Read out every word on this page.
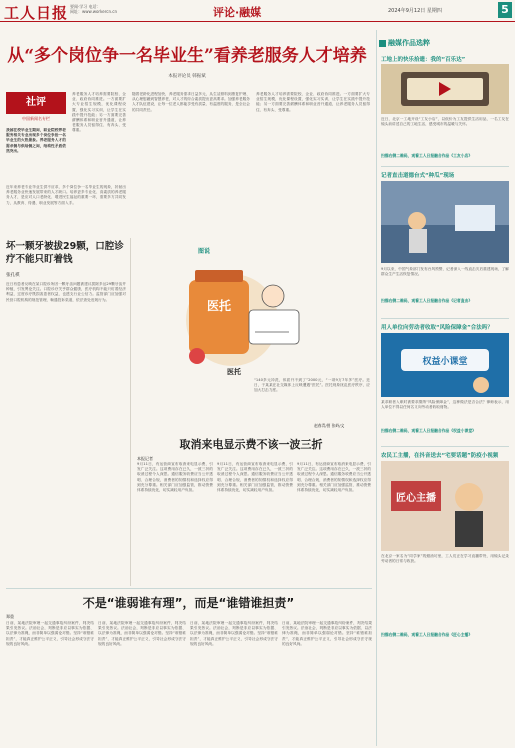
工人日报 要闻·学习 电话：
网址：www.workercn.cn	评论·融媒	2024年9月12日 星期四	5
从“多个岗位争一名毕业生”看养老服务人才培养
本报评论员 韩振斌
社评
中国新闻名专栏
我国在校毕业生期间，职业院校养老服务相关专业出现多个岗位争抢一名毕业生的火热景象。养老服务人才的需求侧与供给侧之间，结构性矛盾依然突出。
近年来养老专业毕业生供不应求，多个岗位争一名毕业生的现象，折射出养老服务业快速发展带来的人才缺口。培养更多专业化、高素质的养老服务人才，是应对人口老龄化、增进民生福祉的重要一环，需要多方共同发力，从教育、待遇、职业发展等方面入手。
养老服务人才培养需要院校、企业、政府协同推进。一方面要扩大专业招生规模，优化课程设置，强化实习实训，让学生在实践中提升技能；另一方面要完善薪酬体系和职业晋升通道，让养老服务人员留得住、有奔头、受尊重。
随着老龄化进程加快，养老服务需求日益多元，从生活照料到康复护理、从心理慰藉到智慧养老，对人才的综合素质提出更高要求。加强养老服务人才队伍建设，让每一位老人都能享受有质量、有温度的服务，是全社会的共同责任。
养老服务人才培养需要院校、企业、政府协同推进。一方面要扩大专业招生规模，优化课程设置，强化实习实训，让学生在实践中提升技能；另一方面要完善薪酬体系和职业晋升通道，让养老服务人员留得住、有奔头、受尊重。
坏一颗牙被拔29颗，口腔诊疗不能只盯着钱
张孔祺
近日有患者反映在某口腔诊所因一颗牙齿问题被建议拔除多达29颗牙齿并种植，引发舆论关注。口腔诊疗关乎群众健康，医疗机构不能只盯着经济利益，过度诊疗既损害患者权益，也透支行业公信力。监管部门应加强对民营口腔机构的规范管理，畅通投诉渠道，依法查处违规行为。
图说
医托
医托
“140多元冲洗，体质升不到了”2000元，“一项9万7年多”医疗。近日，于某某在社交媒体上反映遭遇“医托”。医托现象扰乱医疗秩序，应加大打击力度。
赵春青/图 张岭/文
取消来电显示费不该一波三折
本报记者
9月11日，有运营商宣布取消来电显示费，引发广泛关注。这项费用存在已久，一波三折的取消过程令人深思。通信服务收费应当公开透明、合理合规，消费者的知情权和选择权应得到充分尊重。相关部门应加强监管，推动资费体系持续优化，切实减轻用户负担。
9月11日，有运营商宣布取消来电显示费，引发广泛关注。这项费用存在已久，一波三折的取消过程令人深思。通信服务收费应当公开透明、合理合规，消费者的知情权和选择权应得到充分尊重。相关部门应加强监管，推动资费体系持续优化，切实减轻用户负担。
9月11日，有运营商宣布取消来电显示费，引发广泛关注。这项费用存在已久，一波三折的取消过程令人深思。通信服务收费应当公开透明、合理合规，消费者的知情权和选择权应得到充分尊重。相关部门应加强监管，推动资费体系持续优化，切实减轻用户负担。
不是“谁弱谁有理”，而是“谁错谁担责”
郑重
日前，某地法院审理一起交通事故纠纷案件，判决结果引发热议。法治社会，判断是非应以事实为依据、以法律为准绳，而非简单以强弱论对错。坚持“谁错谁担责”，才能真正维护公平正义，引导社会形成守法守规的良好风尚。
日前，某地法院审理一起交通事故纠纷案件，判决结果引发热议。法治社会，判断是非应以事实为依据、以法律为准绳，而非简单以强弱论对错。坚持“谁错谁担责”，才能真正维护公平正义，引导社会形成守法守规的良好风尚。
日前，某地法院审理一起交通事故纠纷案件，判决结果引发热议。法治社会，判断是非应以事实为依据、以法律为准绳，而非简单以强弱论对错。坚持“谁错谁担责”，才能真正维护公平正义，引导社会形成守法守规的良好风尚。
日前，某地法院审理一起交通事故纠纷案件，判决结果引发热议。法治社会，判断是非应以事实为依据、以法律为准绳，而非简单以强弱论对错。坚持“谁错谁担责”，才能真正维护公平正义，引导社会形成守法守规的良好风尚。
融媒作品选粹
工地上的快乐拾遗：我的“百乐达”
近日，北京一工地开设“工友小店”，以低价为工友提供生活用品，一名工友在镜头前讲述自己的工地生活，感受城市的温暖与关怀。
扫描右侧二维码，观看工人日报融合作品《工友小店》
记者直击道德台式“种瓜”现场
9月以来，中国气象部门发布台风预警，记者深入一线直击灾后重建现场，了解群众生产生活恢复情况。
扫描右侧二维码，观看工人日报融合作品《记者直击》
用人单位向劳动者收取“风险保障金”合法吗？
权益小课堂
某求职者入职时被要求缴纳“风险保障金”，这种做法是否合法？律师表示，用人单位不得以任何名义向劳动者收取财物。
扫描右侧二维码，观看工人日报融合作品《权益小课堂》
农民工主播，在抖音送去“宅要话题”防疫小视频
匠心主播
在北京一家名为“同学家”的蜡油坊里，工人们正在学习直播带货，用镜头记录劳动者的日常与收获。
扫描右侧二维码，观看工人日报融合作品《匠心主播》
